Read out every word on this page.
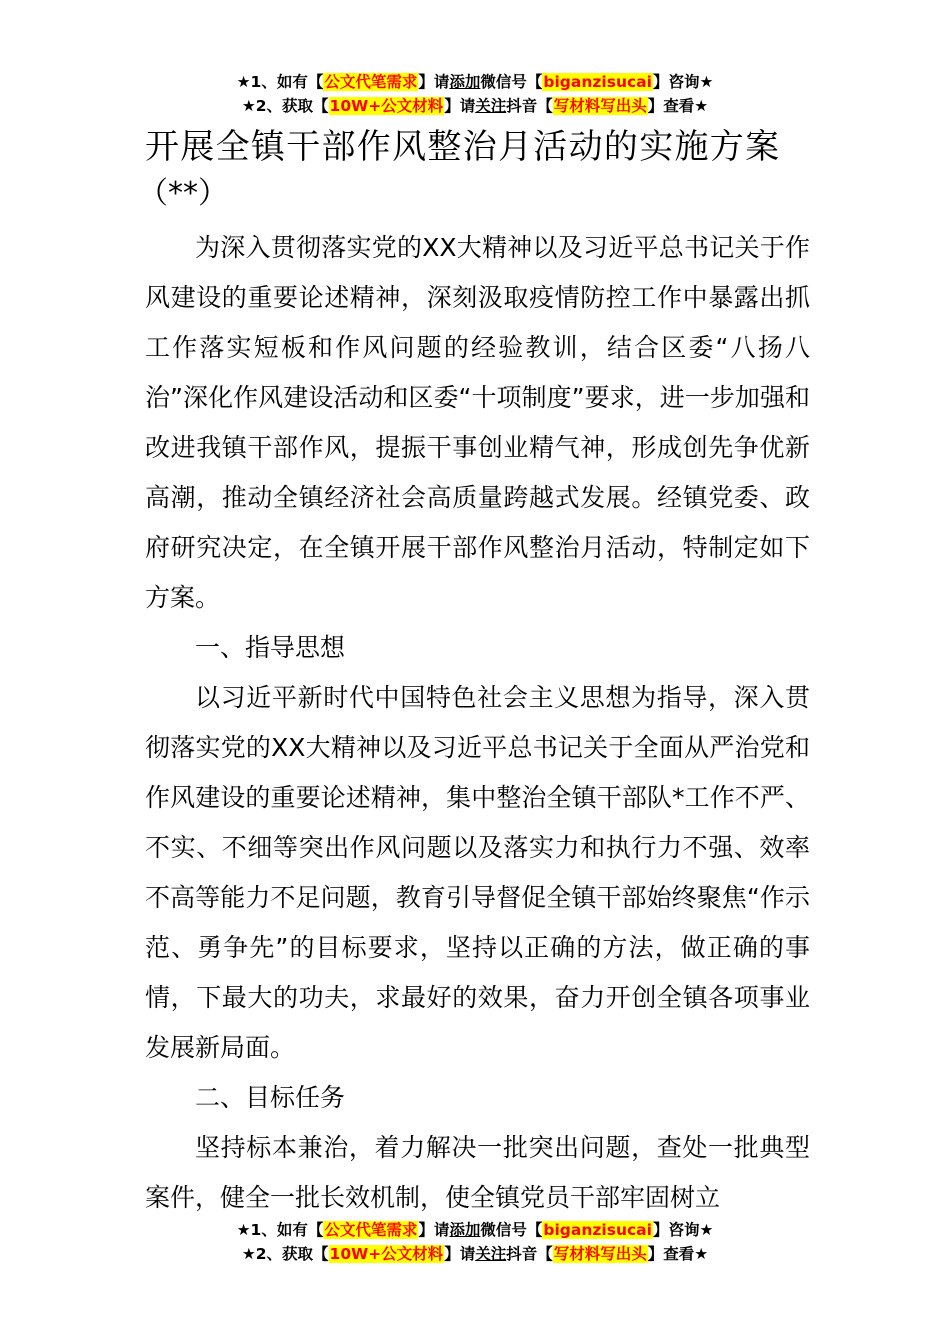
★1、如有【公文代笔需求】请添加微信号【biganzisucai】咨询★
★2、获取【10W+公文材料】请关注抖音【写材料写出头】查看★
开展全镇干部作风整治月活动的实施方案
（**）

为深入贯彻落实党的XX大精神以及习近平总书记关于作风建设的重要论述精神，深刻汲取疫情防控工作中暴露出抓工作落实短板和作风问题的经验教训，结合区委“八扬八治”深化作风建设活动和区委“十项制度”要求，进一步加强和改进我镇干部作风，提振干事创业精气神，形成创先争优新高潮，推动全镇经济社会高质量跨越式发展。经镇党委、政府研究决定，在全镇开展干部作风整治月活动，特制定如下方案。

一、指导思想

以习近平新时代中国特色社会主义思想为指导，深入贯彻落实党的XX大精神以及习近平总书记关于全面从严治党和作风建设的重要论述精神，集中整治全镇干部队*工作不严、不实、不细等突出作风问题以及落实力和执行力不强、效率不高等能力不足问题，教育引导督促全镇干部始终聚焦“作示范、勇争先”的目标要求，坚持以正确的方法，做正确的事情，下最大的功夫，求最好的效果，奋力开创全镇各项事业发展新局面。

二、目标任务

坚持标本兼治，着力解决一批突出问题，查处一批典型案件，健全一批长效机制，使全镇党员干部牢固树立

★1、如有【公文代笔需求】请添加微信号【biganzisucai】咨询★
★2、获取【10W+公文材料】请关注抖音【写材料写出头】查看★
